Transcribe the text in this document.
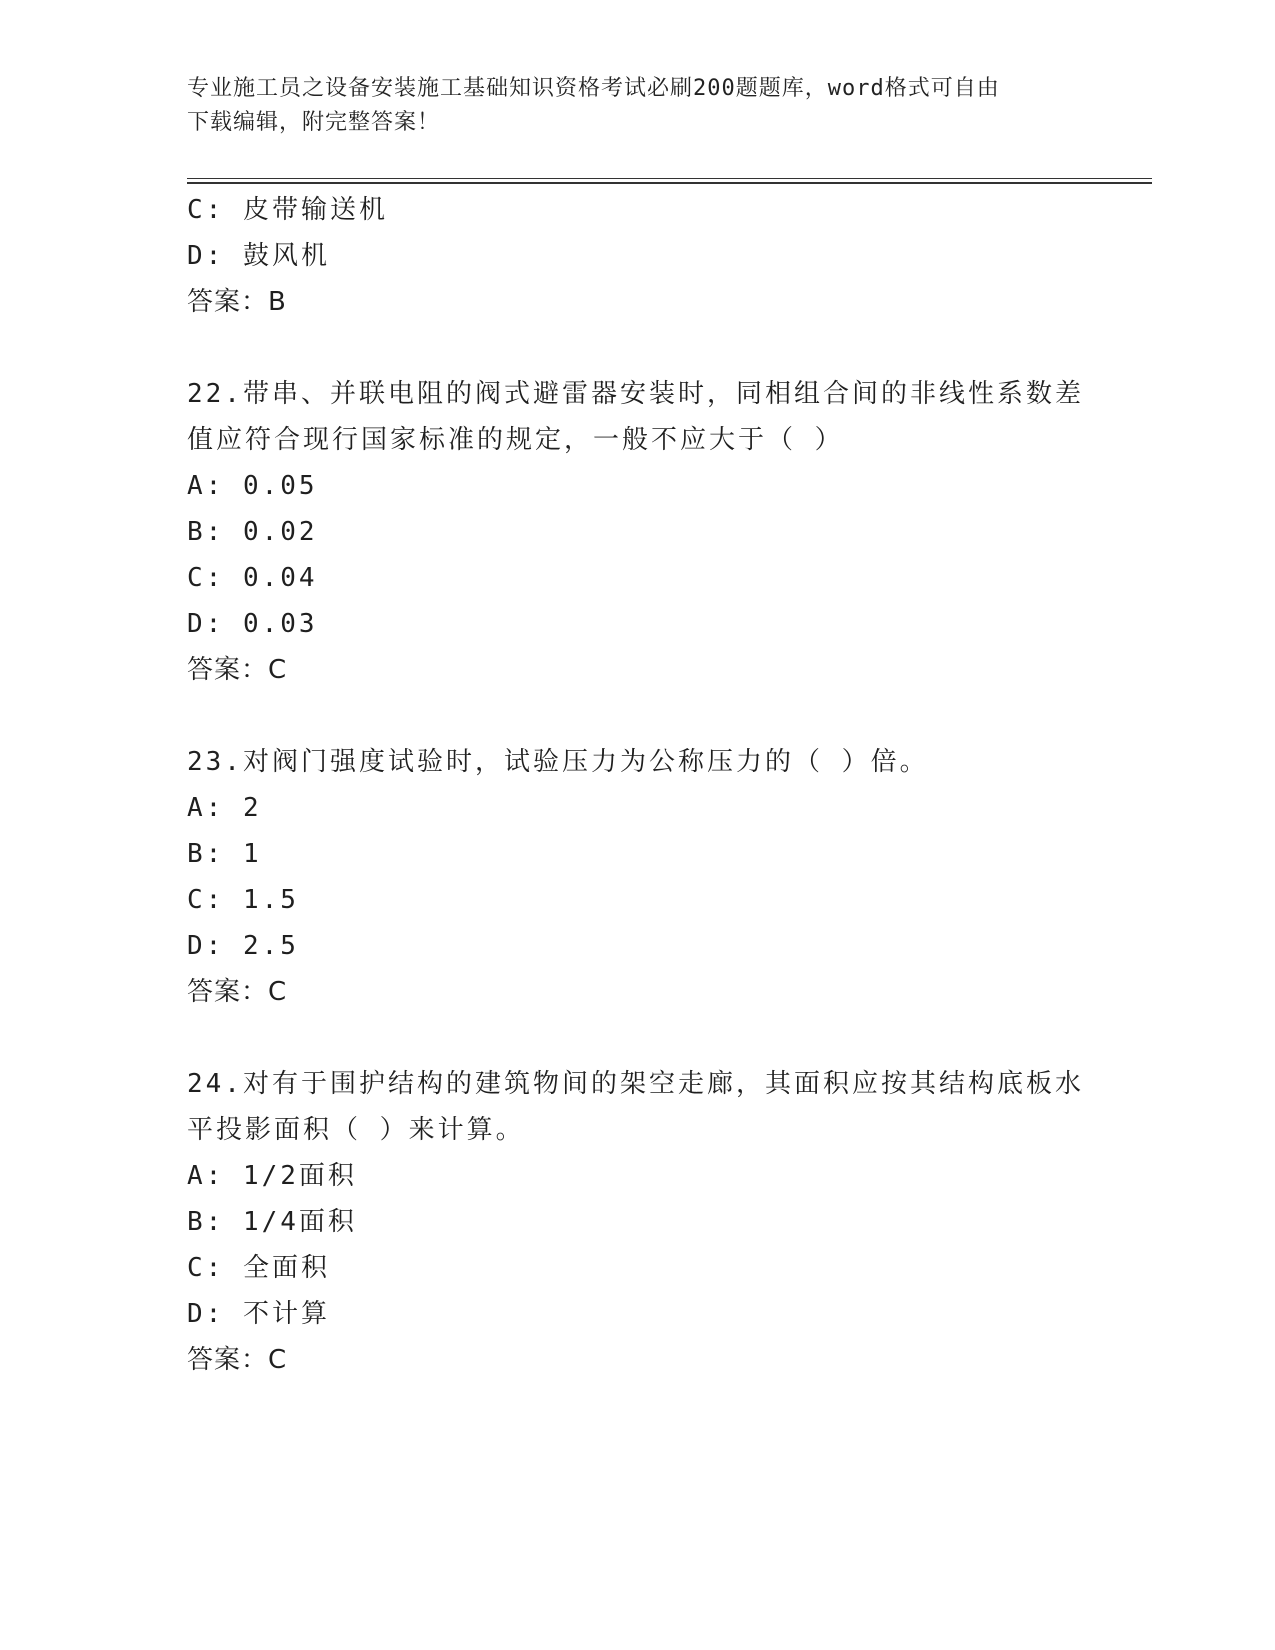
专业施工员之设备安装施工基础知识资格考试必刷200题题库，word格式可自由
下载编辑，附完整答案！
C: 皮带输送机
D: 鼓风机
答案：B
22.带串、并联电阻的阀式避雷器安装时，同相组合间的非线性系数差
值应符合现行国家标准的规定，一般不应大于（ ）
A: 0.05
B: 0.02
C: 0.04
D: 0.03
答案：C
23.对阀门强度试验时，试验压力为公称压力的（ ）倍。
A: 2
B: 1
C: 1.5
D: 2.5
答案：C
24.对有于围护结构的建筑物间的架空走廊，其面积应按其结构底板水
平投影面积（ ）来计算。
A: 1/2面积
B: 1/4面积
C: 全面积
D: 不计算
答案：C
